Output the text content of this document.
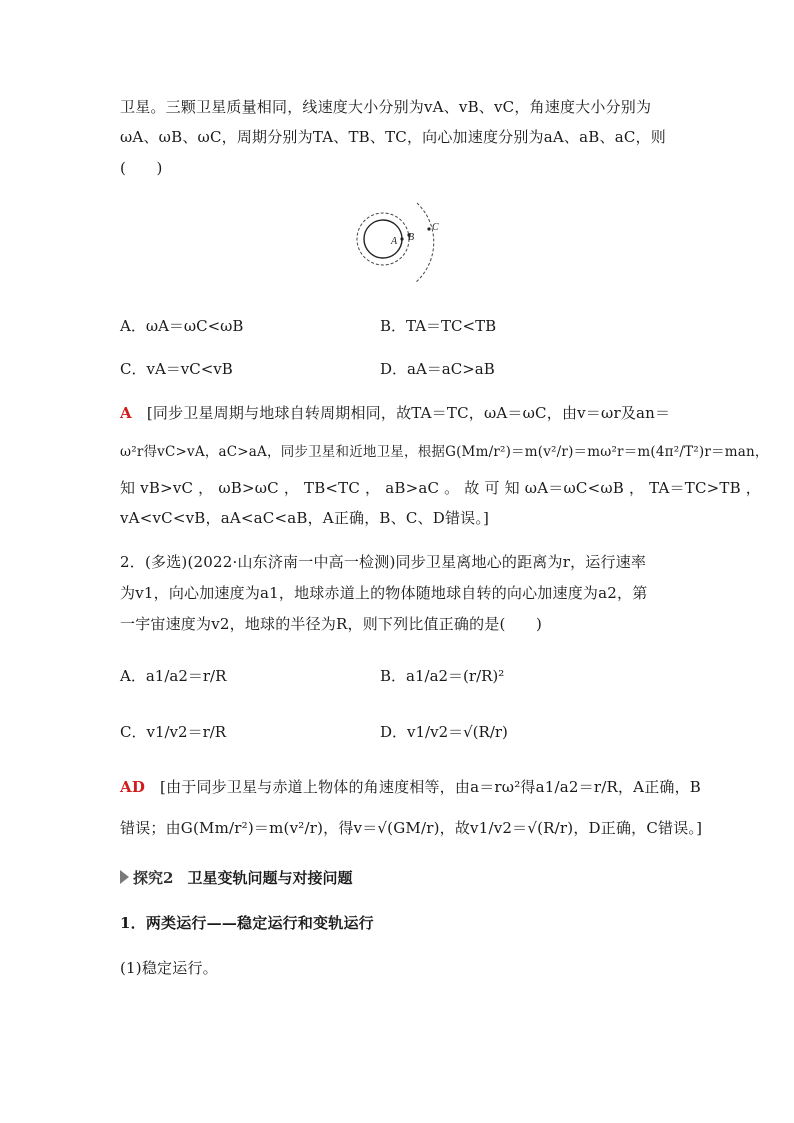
卫星。三颗卫星质量相同，线速度大小分别为vA、vB、vC，角速度大小分别为
ωA、ωB、ωC，周期分别为TA、TB、TC，向心加速度分别为aA、aB、aC，则
(　　)
A B
C
A．ωA＝ωC<ωB	B．TA＝TC<TB
C．vA＝vC<vB	D．aA＝aC>aB
A [同步卫星周期与地球自转周期相同，故TA＝TC，ωA＝ωC，由v＝ωr及an＝
ω²r得vC>vA，aC>aA，同步卫星和近地卫星，根据G(Mm/r²)＝m(v²/r)＝mω²r＝m(4π²/T²)r＝man，
知 vB>vC ， ωB>ωC ， TB<TC ， aB>aC 。 故 可 知 ωA＝ωC<ωB ， TA＝TC>TB ，
vA<vC<vB，aA<aC<aB，A正确，B、C、D错误。]
2．(多选)(2022·山东济南一中高一检测)同步卫星离地心的距离为r，运行速率
为v1，向心加速度为a1，地球赤道上的物体随地球自转的向心加速度为a2，第
一宇宙速度为v2，地球的半径为R，则下列比值正确的是(　　)
A．a1/a2＝r/R	B．a1/a2＝(r/R)²
C．v1/v2＝r/R	D．v1/v2＝√(R/r)
AD [由于同步卫星与赤道上物体的角速度相等，由a＝rω²得a1/a2＝r/R，A正确，B
错误；由G(Mm/r²)＝m(v²/r)，得v＝√(GM/r)，故v1/v2＝√(R/r)，D正确，C错误。]
探究2 卫星变轨问题与对接问题
1．两类运行——稳定运行和变轨运行
(1)稳定运行。
